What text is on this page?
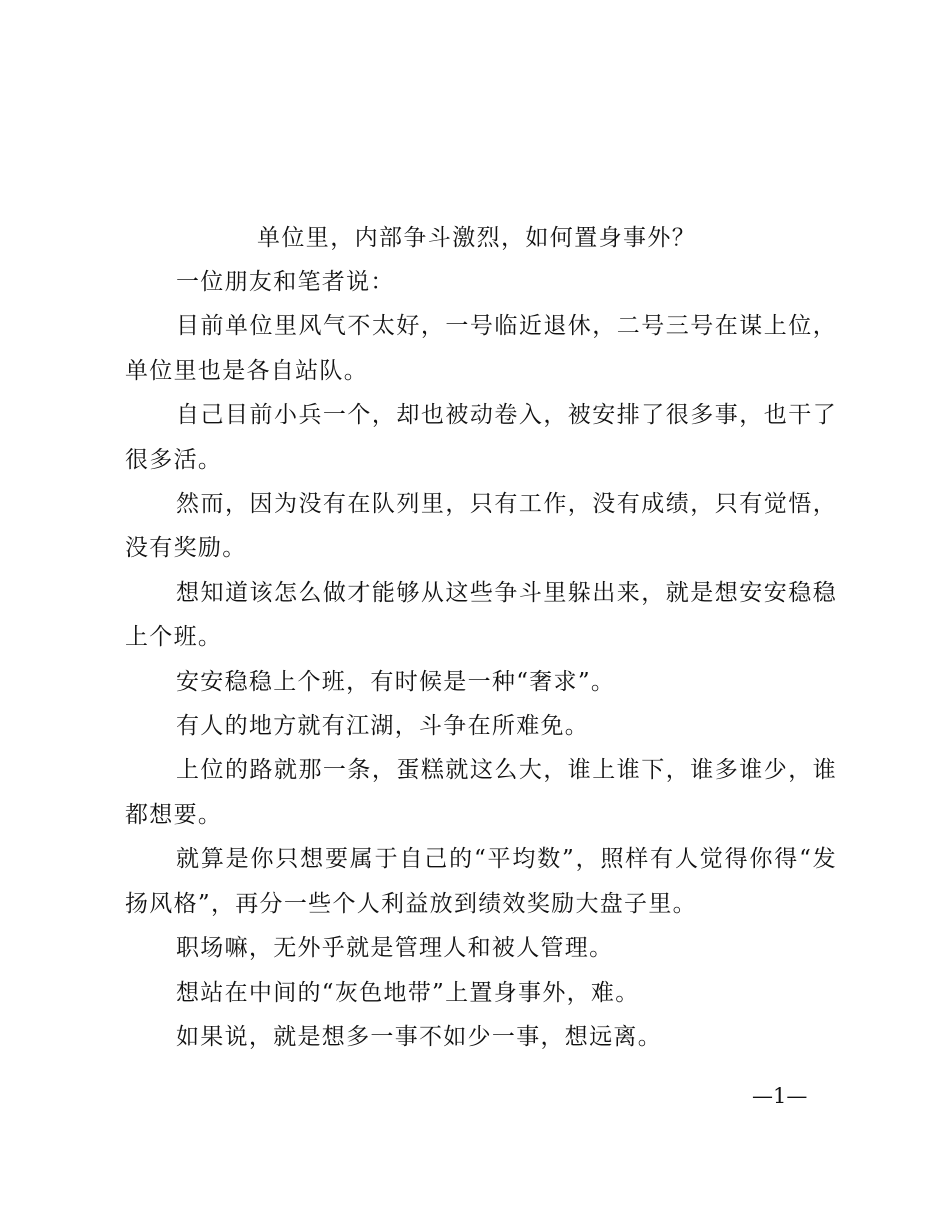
单位里，内部争斗激烈，如何置身事外？

一位朋友和笔者说：

目前单位里风气不太好，一号临近退休，二号三号在谋上位，单位里也是各自站队。

自己目前小兵一个，却也被动卷入，被安排了很多事，也干了很多活。

然而，因为没有在队列里，只有工作，没有成绩，只有觉悟，没有奖励。

想知道该怎么做才能够从这些争斗里躲出来，就是想安安稳稳上个班。

安安稳稳上个班，有时候是一种“奢求”。

有人的地方就有江湖，斗争在所难免。

上位的路就那一条，蛋糕就这么大，谁上谁下，谁多谁少，谁都想要。

就算是你只想要属于自己的“平均数”，照样有人觉得你得“发扬风格”，再分一些个人利益放到绩效奖励大盘子里。

职场嘛，无外乎就是管理人和被人管理。

想站在中间的“灰色地带”上置身事外，难。

如果说，就是想多一事不如少一事，想远离。

—1—
